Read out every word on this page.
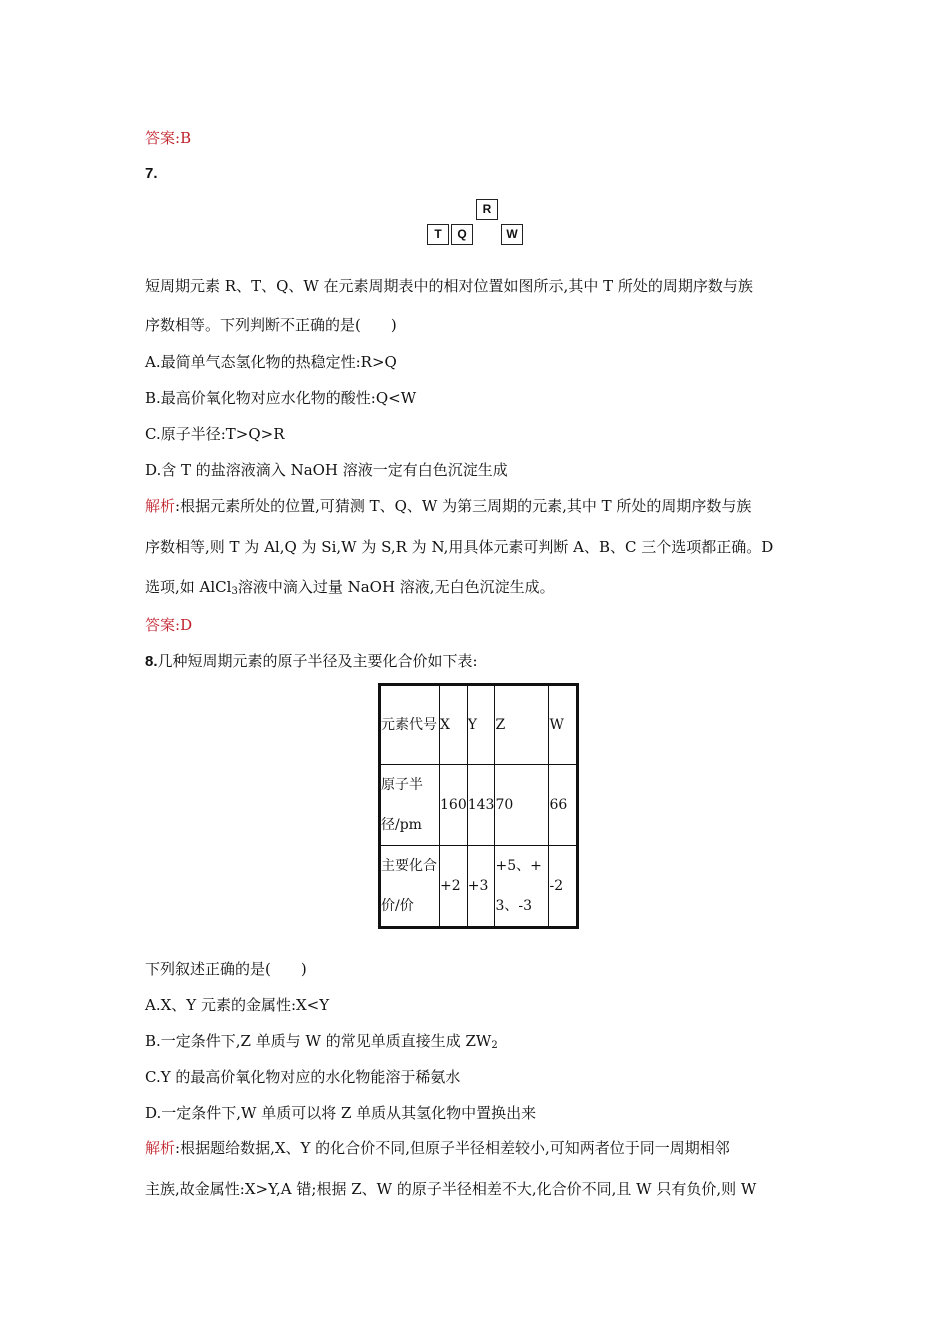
答案:B
7.
R
T	Q	W
短周期元素 R、T、Q、W 在元素周期表中的相对位置如图所示,其中 T 所处的周期序数与族
序数相等。下列判断不正确的是(　　)
A.最简单气态氢化物的热稳定性:R>Q
B.最高价氧化物对应水化物的酸性:Q<W
C.原子半径:T>Q>R
D.含 T 的盐溶液滴入 NaOH 溶液一定有白色沉淀生成
解析:根据元素所处的位置,可猜测 T、Q、W 为第三周期的元素,其中 T 所处的周期序数与族
序数相等,则 T 为 Al,Q 为 Si,W 为 S,R 为 N,用具体元素可判断 A、B、C 三个选项都正确。D
选项,如 AlCl$_3$溶液中滴入过量 NaOH 溶液,无白色沉淀生成。
答案:D
8.几种短周期元素的原子半径及主要化合价如下表:
元素代号	X	Y	Z	W

原子半径/pm	160	143	70	66

主要化合价/价	+2	+3	+5、+3、-3	-2
下列叙述正确的是(　　)
A.X、Y 元素的金属性:X<Y
B.一定条件下,Z 单质与 W 的常见单质直接生成 $ZW_2$
C.Y 的最高价氧化物对应的水化物能溶于稀氨水
D.一定条件下,W 单质可以将 Z 单质从其氢化物中置换出来
解析:根据题给数据,X、Y 的化合价不同,但原子半径相差较小,可知两者位于同一周期相邻
主族,故金属性:X>Y,A 错;根据 Z、W 的原子半径相差不大,化合价不同,且 W 只有负价,则 W
